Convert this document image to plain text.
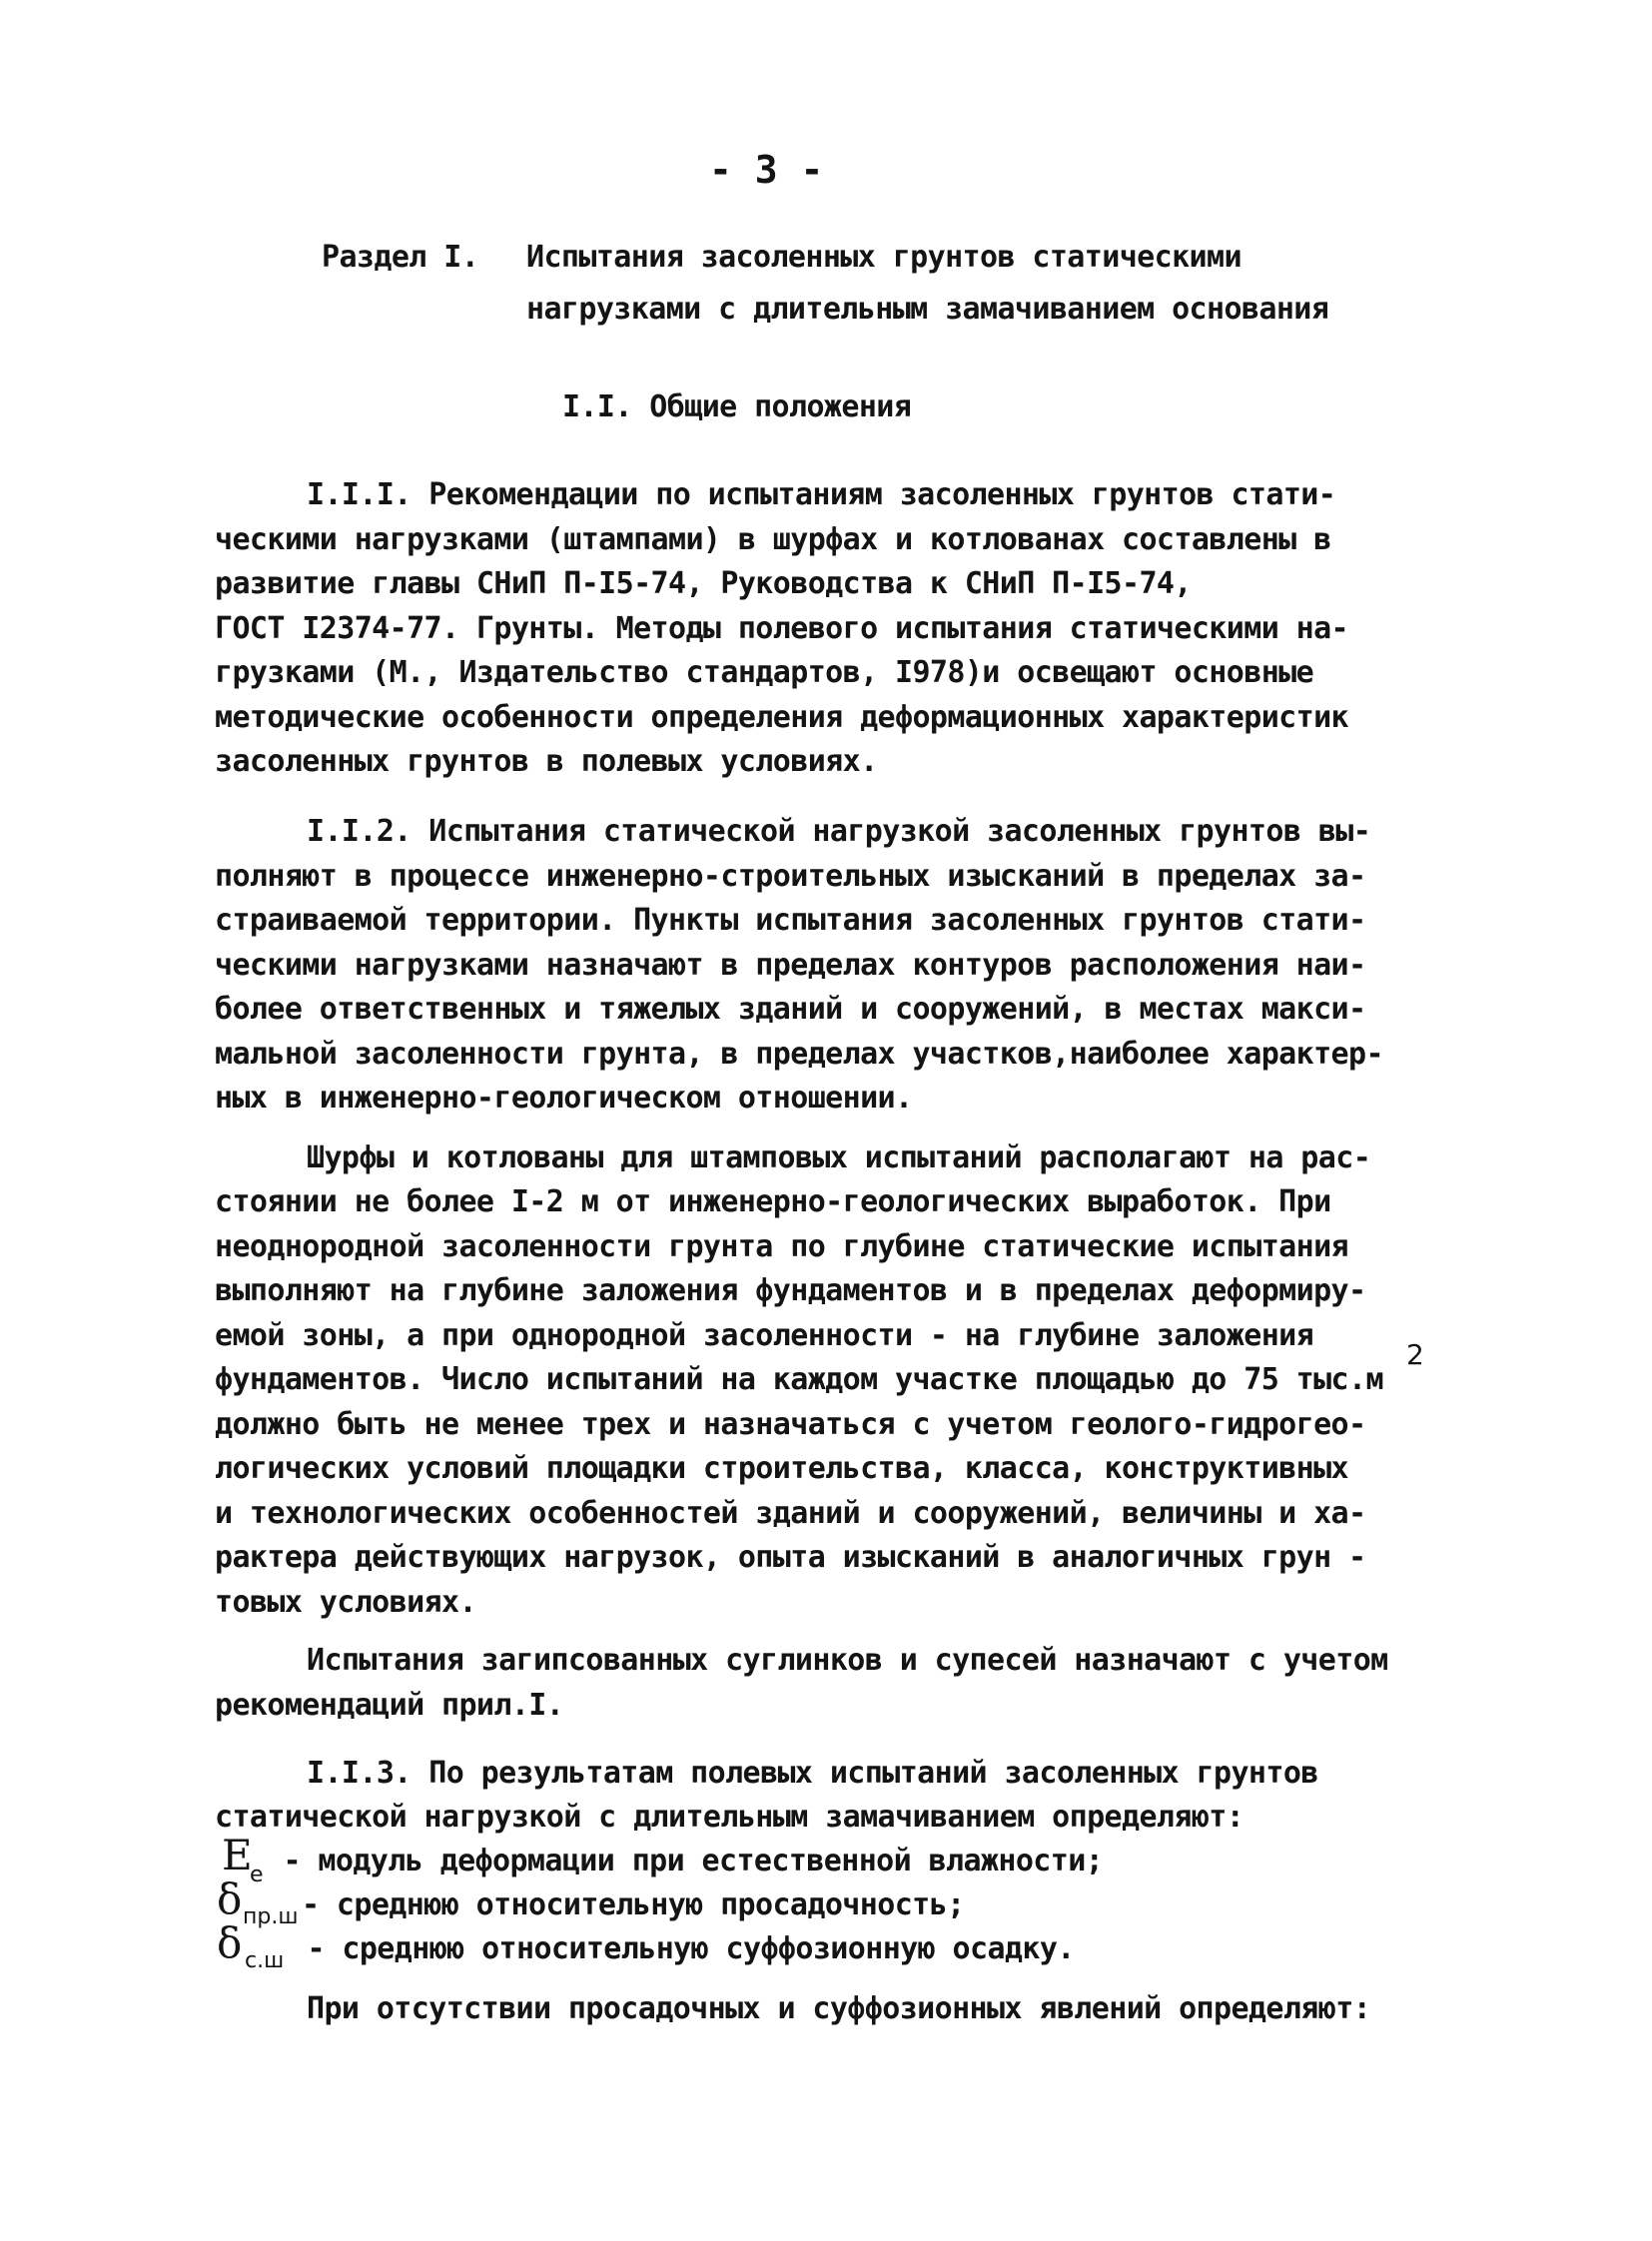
- 3 -
Раздел I. Испытания засоленных грунтов статическими
нагрузками с длительным замачиванием основания
I.I. Общие положения
I.I.I. Рекомендации по испытаниям засоленных грунтов стати-
ческими нагрузками (штампами) в шурфах и котлованах составлены в
развитие главы СНиП П-I5-74, Руководства к СНиП П-I5-74,
ГОСТ I2374-77. Грунты. Методы полевого испытания статическими на-
грузками (М., Издательство стандартов, I978)и освещают основные
методические особенности определения деформационных характеристик
засоленных грунтов в полевых условиях.
I.I.2. Испытания статической нагрузкой засоленных грунтов вы-
полняют в процессе инженерно-строительных изысканий в пределах за-
страиваемой территории. Пункты испытания засоленных грунтов стати-
ческими нагрузками назначают в пределах контуров расположения наи-
более ответственных и тяжелых зданий и сооружений, в местах макси-
мальной засоленности грунта, в пределах участков,наиболее характер-
ных в инженерно-геологическом отношении.
Шурфы и котлованы для штамповых испытаний располагают на рас-
стоянии не более I-2 м от инженерно-геологических выработок. При
неоднородной засоленности грунта по глубине статические испытания
выполняют на глубине заложения фундаментов и в пределах деформиру-
емой зоны, а при однородной засоленности - на глубине заложения
фундаментов. Число испытаний на каждом участке площадью до 75 тыс.м
2
должно быть не менее трех и назначаться с учетом геолого-гидрогео-
логических условий площадки строительства, класса, конструктивных
и технологических особенностей зданий и сооружений, величины и ха-
рактера действующих нагрузок, опыта изысканий в аналогичных грун -
товых условиях.
Испытания загипсованных суглинков и супесей назначают с учетом
рекомендаций прил.I.
I.I.3. По результатам полевых испытаний засоленных грунтов
статической нагрузкой с длительным замачиванием определяют:
E
e - модуль деформации при естественной влажности;
δ пр.ш - среднюю относительную просадочность;
δ с.ш - среднюю относительную суффозионную осадку.
При отсутствии просадочных и суффозионных явлений определяют:
